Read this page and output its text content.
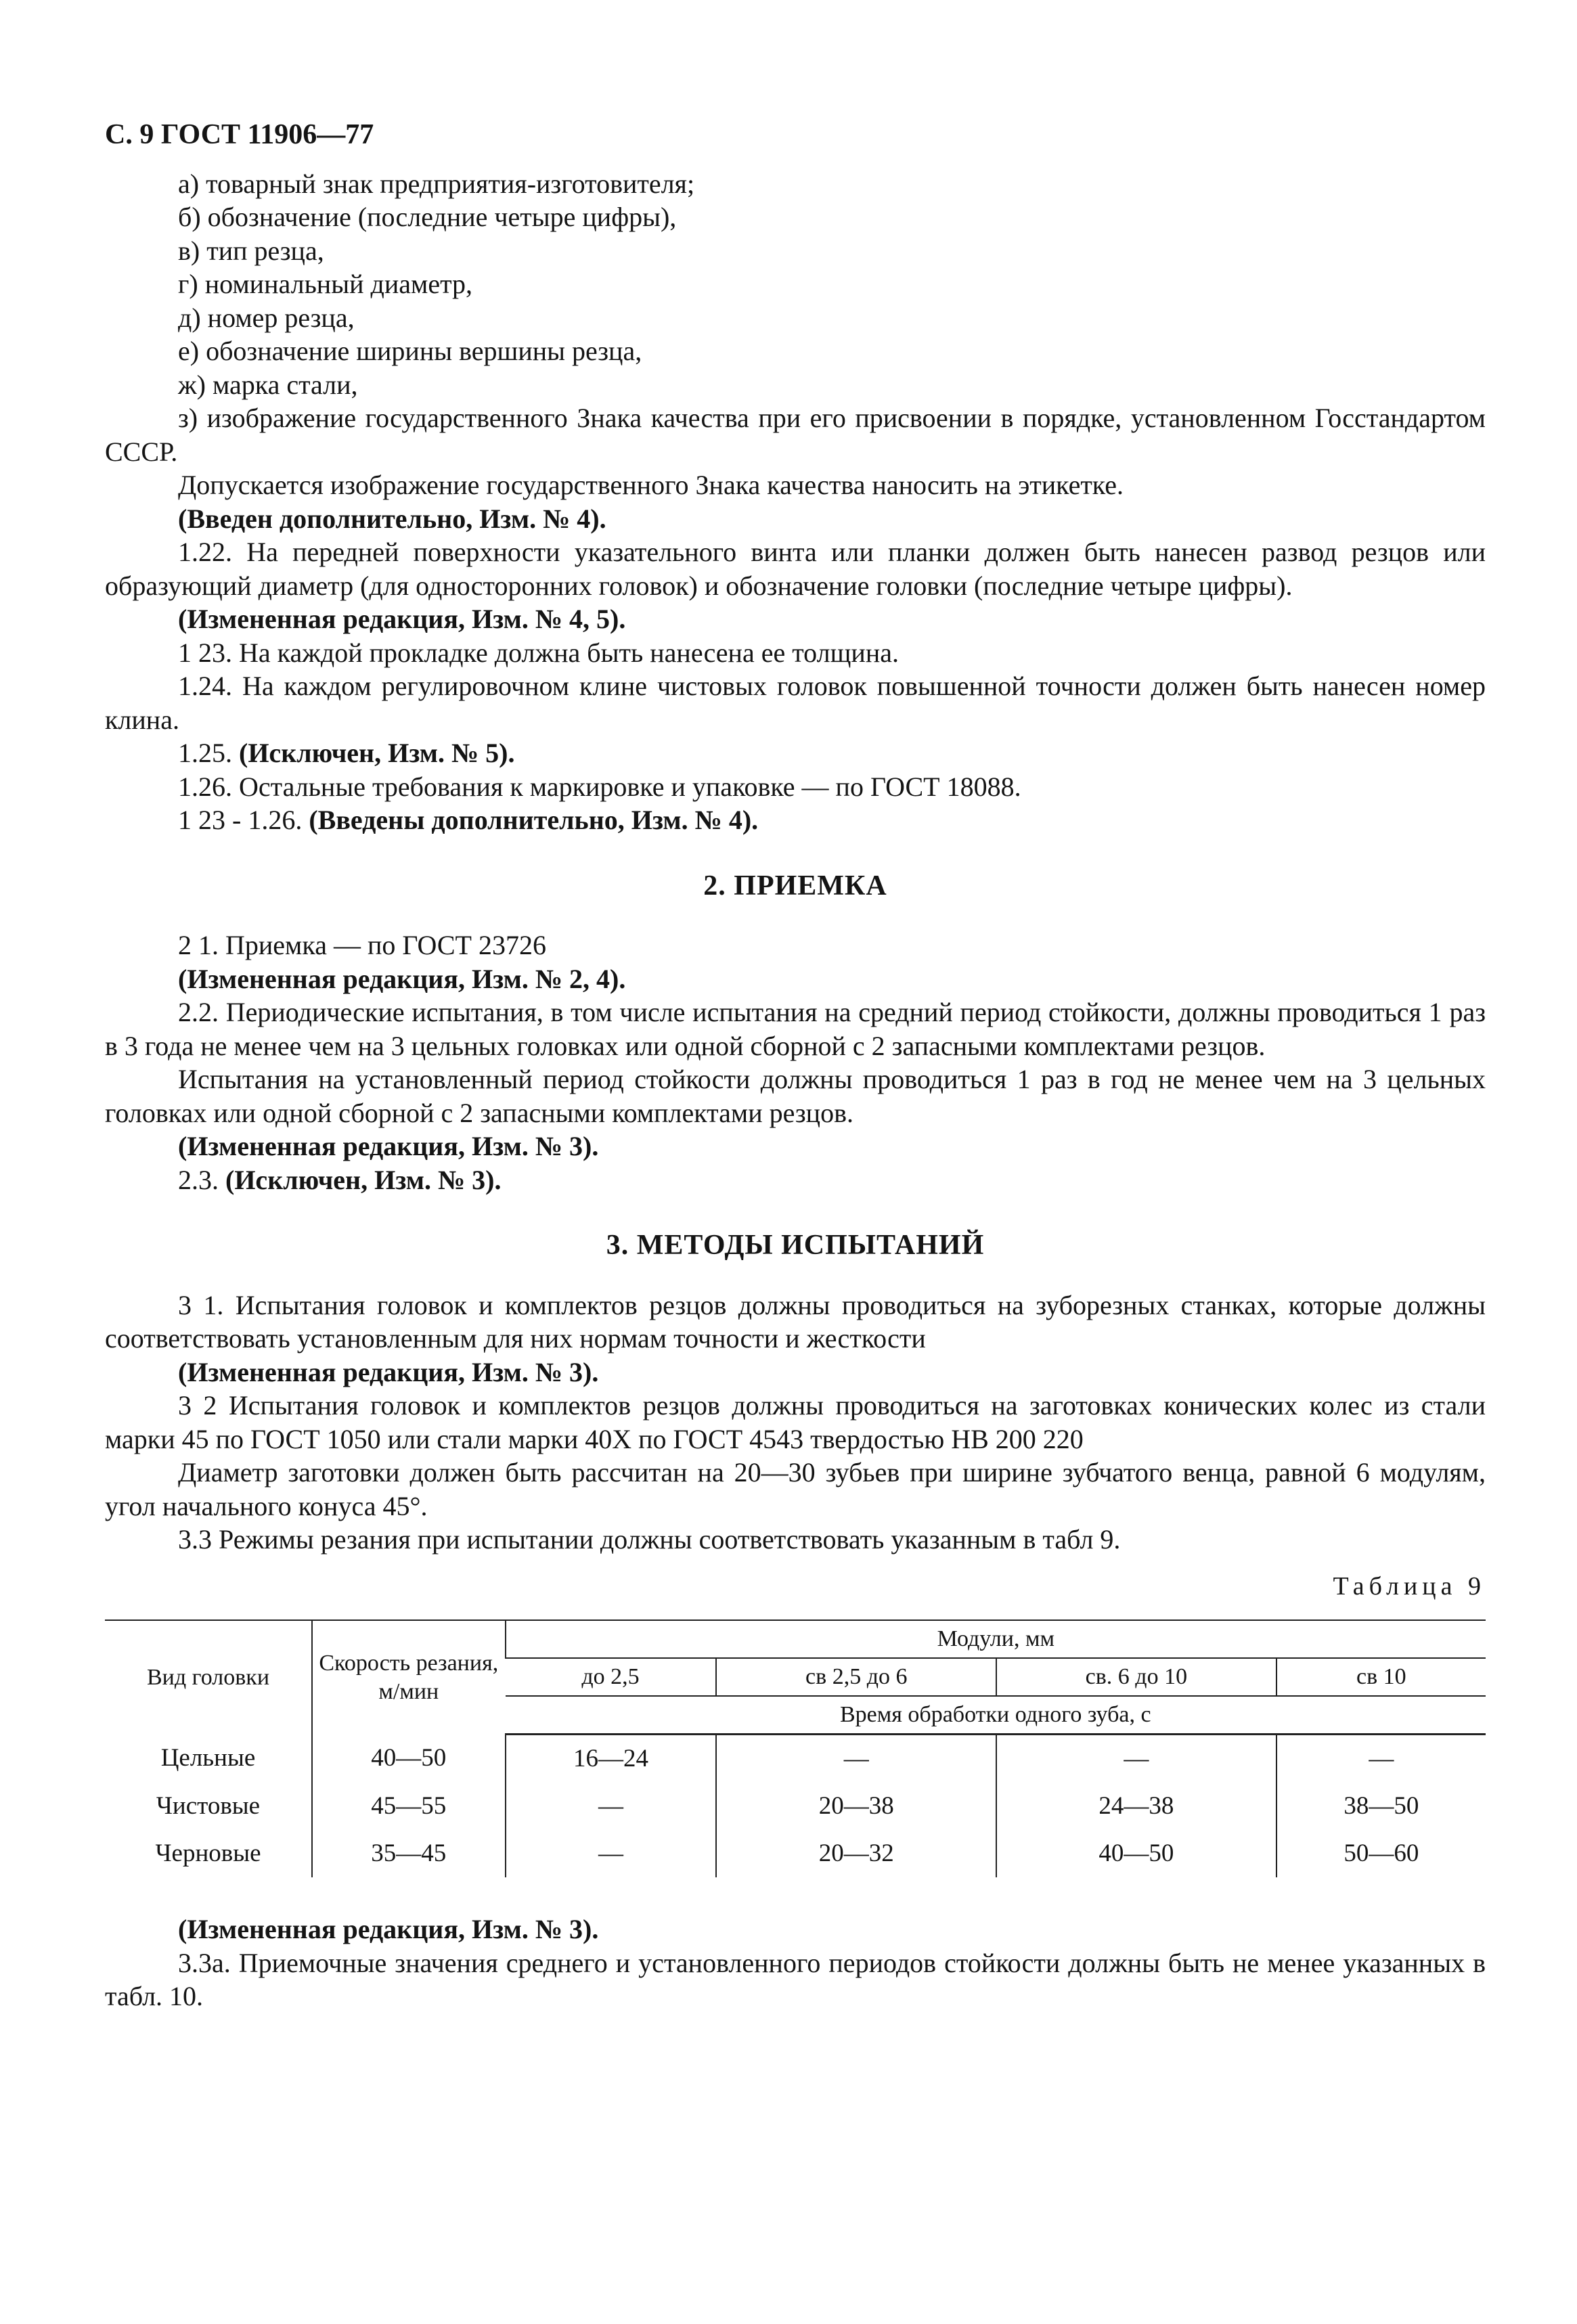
С. 9 ГОСТ 11906—77
а) товарный знак предприятия-изготовителя;
б) обозначение (последние четыре цифры),
в) тип резца,
г) номинальный диаметр,
д) номер резца,
е) обозначение ширины вершины резца,
ж) марка стали,

з) изображение государственного Знака качества при его присвоении в порядке, установленном Госстандартом СССР.

Допускается изображение государственного Знака качества наносить на этикетке.

(Введен дополнительно, Изм. № 4).

1.22. На передней поверхности указательного винта или планки должен быть нанесен развод резцов или образующий диаметр (для односторонних головок) и обозначение головки (последние четыре цифры).

(Измененная редакция, Изм. № 4, 5).

1 23. На каждой прокладке должна быть нанесена ее толщина.

1.24. На каждом регулировочном клине чистовых головок повышенной точности должен быть нанесен номер клина.

1.25. (Исключен, Изм. № 5).

1.26. Остальные требования к маркировке и упаковке — по ГОСТ 18088.

1 23 - 1.26. (Введены дополнительно, Изм. № 4).

2. ПРИЕМКА

2 1. Приемка — по ГОСТ 23726

(Измененная редакция, Изм. № 2, 4).

2.2. Периодические испытания, в том числе испытания на средний период стойкости, должны проводиться 1 раз в 3 года не менее чем на 3 цельных головках или одной сборной с 2 запасными комплектами резцов.

Испытания на установленный период стойкости должны проводиться 1 раз в год не менее чем на 3 цельных головках или одной сборной с 2 запасными комплектами резцов.

(Измененная редакция, Изм. № 3).

2.3. (Исключен, Изм. № 3).

3. МЕТОДЫ ИСПЫТАНИЙ

3 1. Испытания головок и комплектов резцов должны проводиться на зуборезных станках, которые должны соответствовать установленным для них нормам точности и жесткости

(Измененная редакция, Изм. № 3).

3 2 Испытания головок и комплектов резцов должны проводиться на заготовках конических колес из стали марки 45 по ГОСТ 1050 или стали марки 40Х по ГОСТ 4543 твердостью НВ 200 220

Диаметр заготовки должен быть рассчитан на 20—30 зубьев при ширине зубчатого венца, равной 6 модулям, угол начального конуса 45°.

3.3 Режимы резания при испытании должны соответствовать указанным в табл 9.

Таблица 9
Вид головки	Скорость резания, м/мин	Модули, мм			
		до 2,5	св 2,5 до 6	св. 6 до 10	св 10
		Время обработки одного зуба, с			
Цельные	40—50	16—24	—	—	—
Чистовые	45—55	—	20—38	24—38	38—50
Черновые	35—45	—	20—32	40—50	50—60

(Измененная редакция, Изм. № 3).

3.3а. Приемочные значения среднего и установленного периодов стойкости должны быть не менее указанных в табл. 10.
